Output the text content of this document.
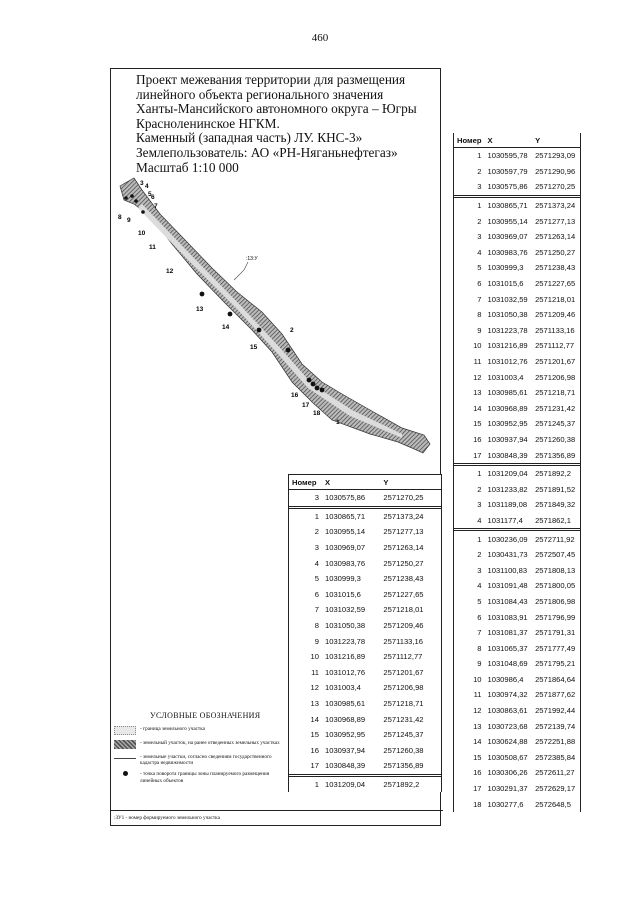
460
Проект межевания территории для размещения
линейного объекта регионального значения
Ханты-Мансийского автономного округа – Югры
Красноленинское НГКМ.
Каменный (западная часть) ЛУ. КНС-3»
Землепользователь: АО «РН-Няганьнефтегаз»
Масштаб 1:10 000
:13:У
1
2
3 4
5 6
7
8 9
10
11
12
13
14
15
16
17
18
Номер	X	Y
1	1030595,78	2571293,09
2	1030597,79	2571290,96
3	1030575,86	2571270,25
1	1030865,71	2571373,24
2	1030955,14	2571277,13
3	1030969,07	2571263,14
4	1030983,76	2571250,27
5	1030999,3	2571238,43
6	1031015,6	2571227,65
7	1031032,59	2571218,01
8	1031050,38	2571209,46
9	1031223,78	2571133,16
10	1031216,89	2571112,77
11	1031012,76	2571201,67
12	1031003,4	2571206,98
13	1030985,61	2571218,71
14	1030968,89	2571231,42
15	1030952,95	2571245,37
16	1030937,94	2571260,38
17	1030848,39	2571356,89
1	1031209,04	2571892,2
2	1031233,82	2571891,52
3	1031189,08	2571849,32
4	1031177,4	2571862,1
1	1030236,09	2572711,92
2	1030431,73	2572507,45
3	1031100,83	2571808,13
4	1031091,48	2571800,05
5	1031084,43	2571806,98
6	1031083,91	2571796,99
7	1031081,37	2571791,31
8	1031065,37	2571777,49
9	1031048,69	2571795,21
10	1030986,4	2571864,64
11	1030974,32	2571877,62
12	1030863,61	2571992,44
13	1030723,68	2572139,74
14	1030624,88	2572251,88
15	1030508,67	2572385,84
16	1030306,26	2572611,27
17	1030291,37	2572629,17
18	1030277,6	2572648,5
Номер	X	Y
3	1030575,86	2571270,25
1	1030865,71	2571373,24
2	1030955,14	2571277,13
3	1030969,07	2571263,14
4	1030983,76	2571250,27
5	1030999,3	2571238,43
6	1031015,6	2571227,65
7	1031032,59	2571218,01
8	1031050,38	2571209,46
9	1031223,78	2571133,16
10	1031216,89	2571112,77
11	1031012,76	2571201,67
12	1031003,4	2571206,98
13	1030985,61	2571218,71
14	1030968,89	2571231,42
15	1030952,95	2571245,37
16	1030937,94	2571260,38
17	1030848,39	2571356,89
1	1031209,04	2571892,2
УСЛОВНЫЕ ОБОЗНАЧЕНИЯ
- граница земельного участка
- земельный участок, на ранее отведенных земельных участках
- земельные участки, согласно сведениям государственного кадастра недвижимости
- точка поворота границы зоны планируемого размещения линейных объектов
:ЗУ1 - номер формируемого земельного участка
